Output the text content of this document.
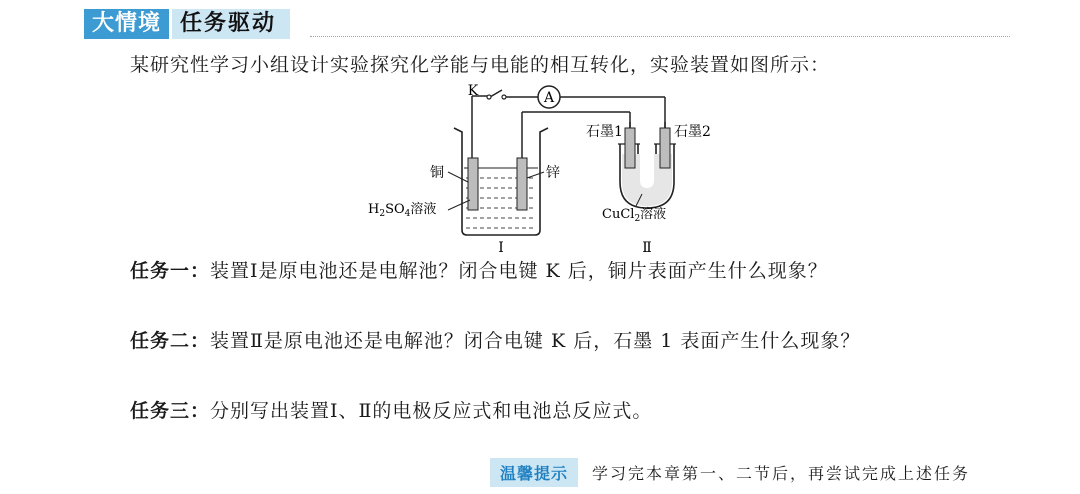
大情境 任务驱动
某研究性学习小组设计实验探究化学能与电能的相互转化，实验装置如图所示：
A
K
铜	锌
$H_2SO_4$溶液
Ⅰ
石墨1	石墨2
CuCl$_2$溶液
Ⅱ
任务一：装置Ⅰ是原电池还是电解池？闭合电键 K 后，铜片表面产生什么现象？
任务二：装置Ⅱ是原电池还是电解池？闭合电键 K 后，石墨 1 表面产生什么现象？
任务三：分别写出装置Ⅰ、Ⅱ的电极反应式和电池总反应式。
温馨提示	学习完本章第一、二节后，再尝试完成上述任务
